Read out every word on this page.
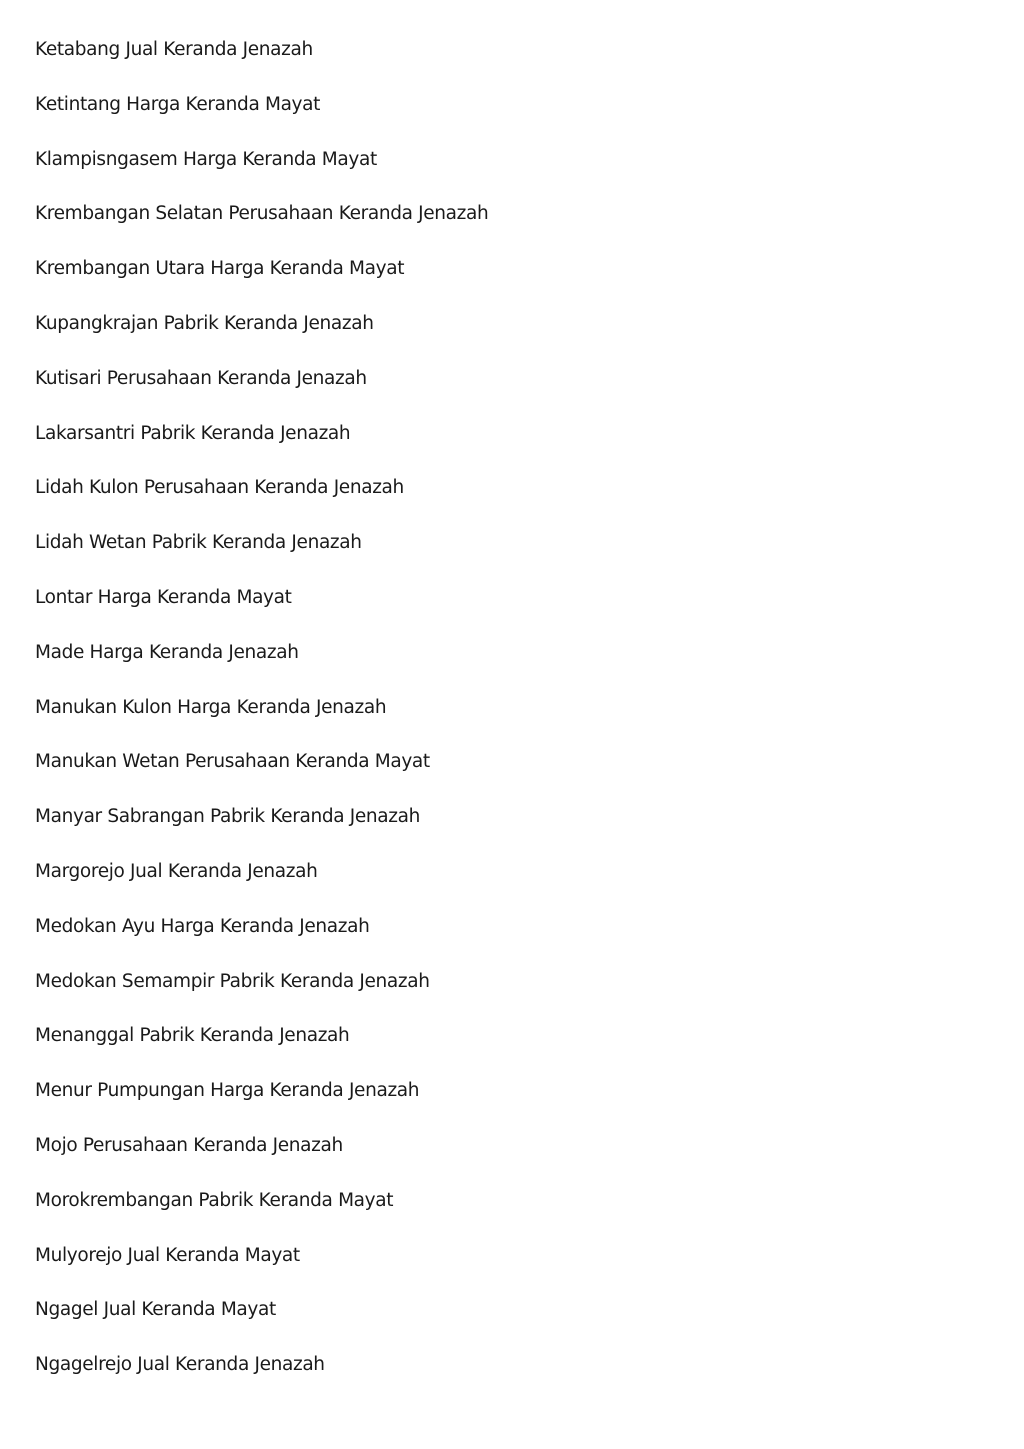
Ketabang Jual Keranda Jenazah
Ketintang Harga Keranda Mayat
Klampisngasem Harga Keranda Mayat
Krembangan Selatan Perusahaan Keranda Jenazah
Krembangan Utara Harga Keranda Mayat
Kupangkrajan Pabrik Keranda Jenazah
Kutisari Perusahaan Keranda Jenazah
Lakarsantri Pabrik Keranda Jenazah
Lidah Kulon Perusahaan Keranda Jenazah
Lidah Wetan Pabrik Keranda Jenazah
Lontar Harga Keranda Mayat
Made Harga Keranda Jenazah
Manukan Kulon Harga Keranda Jenazah
Manukan Wetan Perusahaan Keranda Mayat
Manyar Sabrangan Pabrik Keranda Jenazah
Margorejo Jual Keranda Jenazah
Medokan Ayu Harga Keranda Jenazah
Medokan Semampir Pabrik Keranda Jenazah
Menanggal Pabrik Keranda Jenazah
Menur Pumpungan Harga Keranda Jenazah
Mojo Perusahaan Keranda Jenazah
Morokrembangan Pabrik Keranda Mayat
Mulyorejo Jual Keranda Mayat
Ngagel Jual Keranda Mayat
Ngagelrejo Jual Keranda Jenazah
